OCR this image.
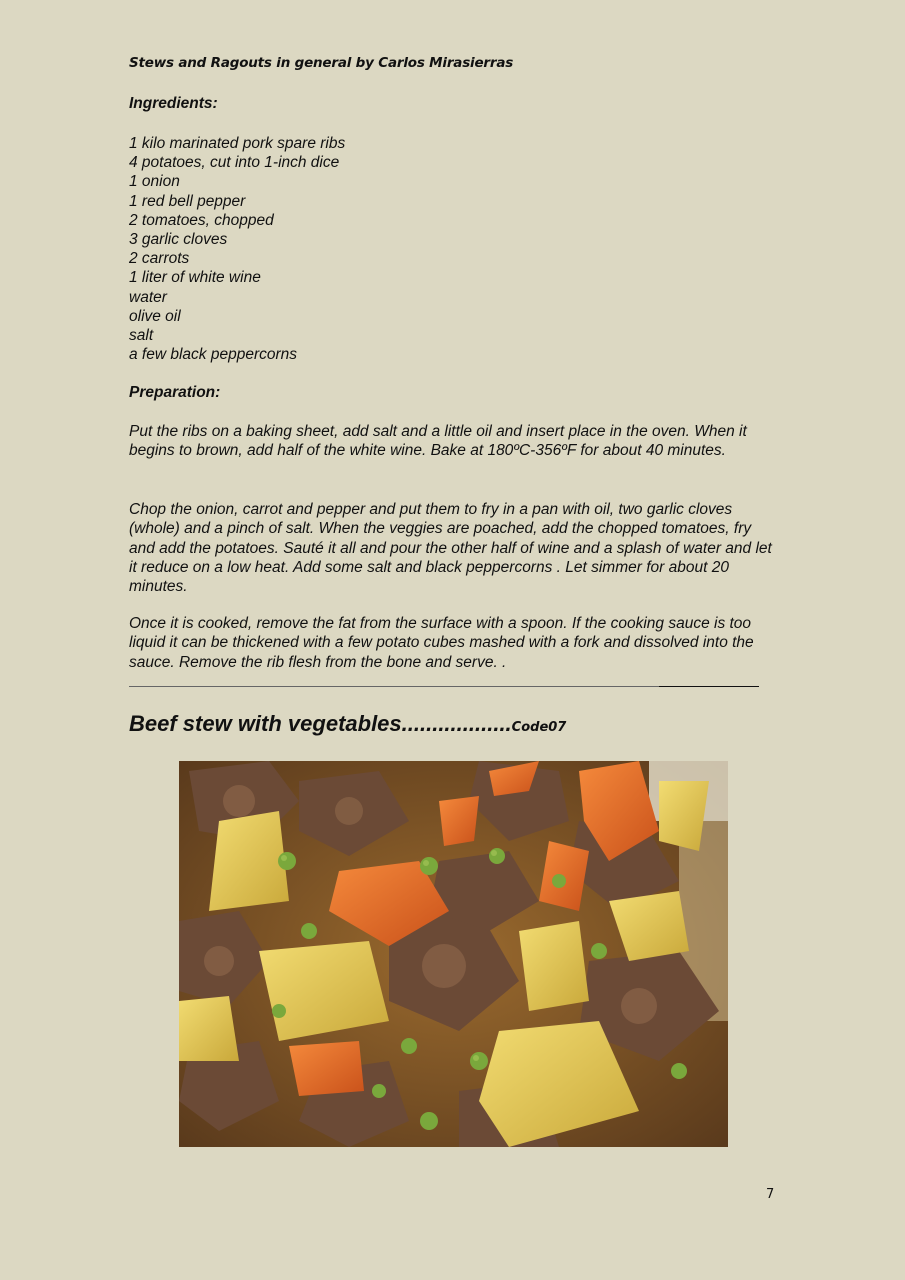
Stews and Ragouts in general by Carlos Mirasierras
Ingredients:
1 kilo marinated pork spare ribs
4 potatoes, cut into 1-inch dice
1 onion
1 red bell pepper
2 tomatoes, chopped
3 garlic cloves
2 carrots
1 liter of white wine
water
olive oil
salt
a few black peppercorns
Preparation:

Put the ribs on a baking sheet, add salt and a little oil and insert place in the oven. When it begins to brown, add half of the white wine. Bake at 180ºC-356ºF for about 40 minutes.

Chop the onion, carrot and pepper and put them to fry in a pan with oil, two garlic cloves (whole) and a pinch of salt. When the veggies are poached, add the chopped tomatoes, fry and add the potatoes. Sauté it all and pour the other half of wine and a splash of water and let it reduce on a low heat. Add some salt and black peppercorns . Let simmer for about 20 minutes.

Once it is cooked, remove the fat from the surface with a spoon. If the cooking sauce is too liquid it can be thickened with a few potato cubes mashed with a fork and dissolved into the sauce. Remove the rib flesh from the bone and serve. .

Beef stew with vegetables..................Code07
7
